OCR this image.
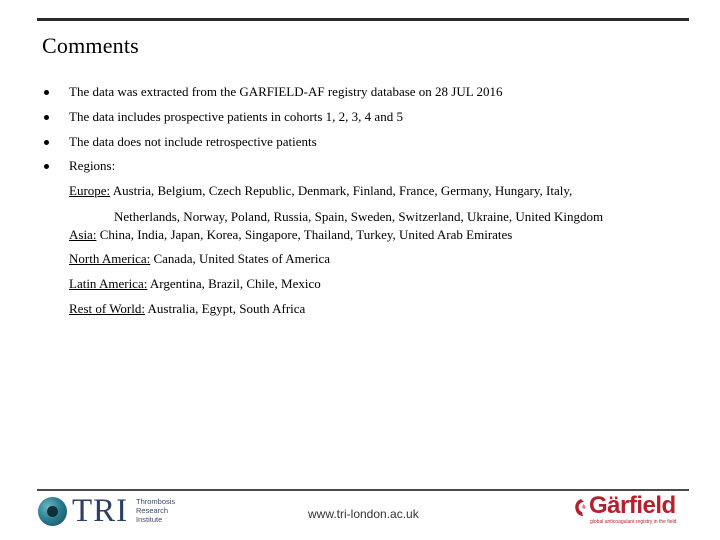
Comments
The data was extracted from the GARFIELD-AF registry database on 28 JUL 2016
The data includes prospective patients in cohorts 1, 2, 3, 4 and 5
The data does not include retrospective patients
Regions:
Europe: Austria, Belgium, Czech Republic, Denmark, Finland, France, Germany, Hungary, Italy,
Netherlands, Norway, Poland, Russia, Spain, Sweden, Switzerland, Ukraine, United Kingdom
Asia: China, India, Japan, Korea, Singapore, Thailand, Turkey, United Arab Emirates
North America: Canada, United States of America
Latin America: Argentina, Brazil, Chile, Mexico
Rest of World: Australia, Egypt, South Africa
TRI Thrombosis
Research
Institute	www.tri-london.ac.uk	Gärfield
global anticoagulant registry in the field
